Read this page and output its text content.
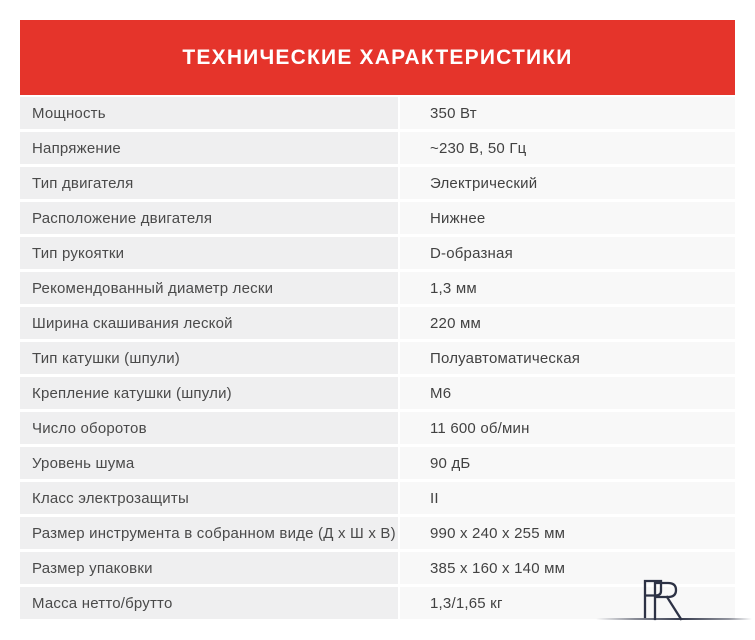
ТЕХНИЧЕСКИЕ ХАРАКТЕРИСТИКИ
Мощность	350 Вт
Напряжение	~230 В, 50 Гц
Тип двигателя	Электрический
Расположение двигателя	Нижнее
Тип рукоятки	D-образная
Рекомендованный диаметр лески	1,3 мм
Ширина скашивания леской	220 мм
Тип катушки (шпули)	Полуавтоматическая
Крепление катушки (шпули)	M6
Число оборотов	11 600 об/мин
Уровень шума	90 дБ
Класс электрозащиты	II
Размер инструмента в собранном виде (Д x Ш x В) 990 x 240 x 255 мм
Размер упаковки	385 x 160 x 140 мм
Масса нетто/брутто	1,3/1,65 кг
